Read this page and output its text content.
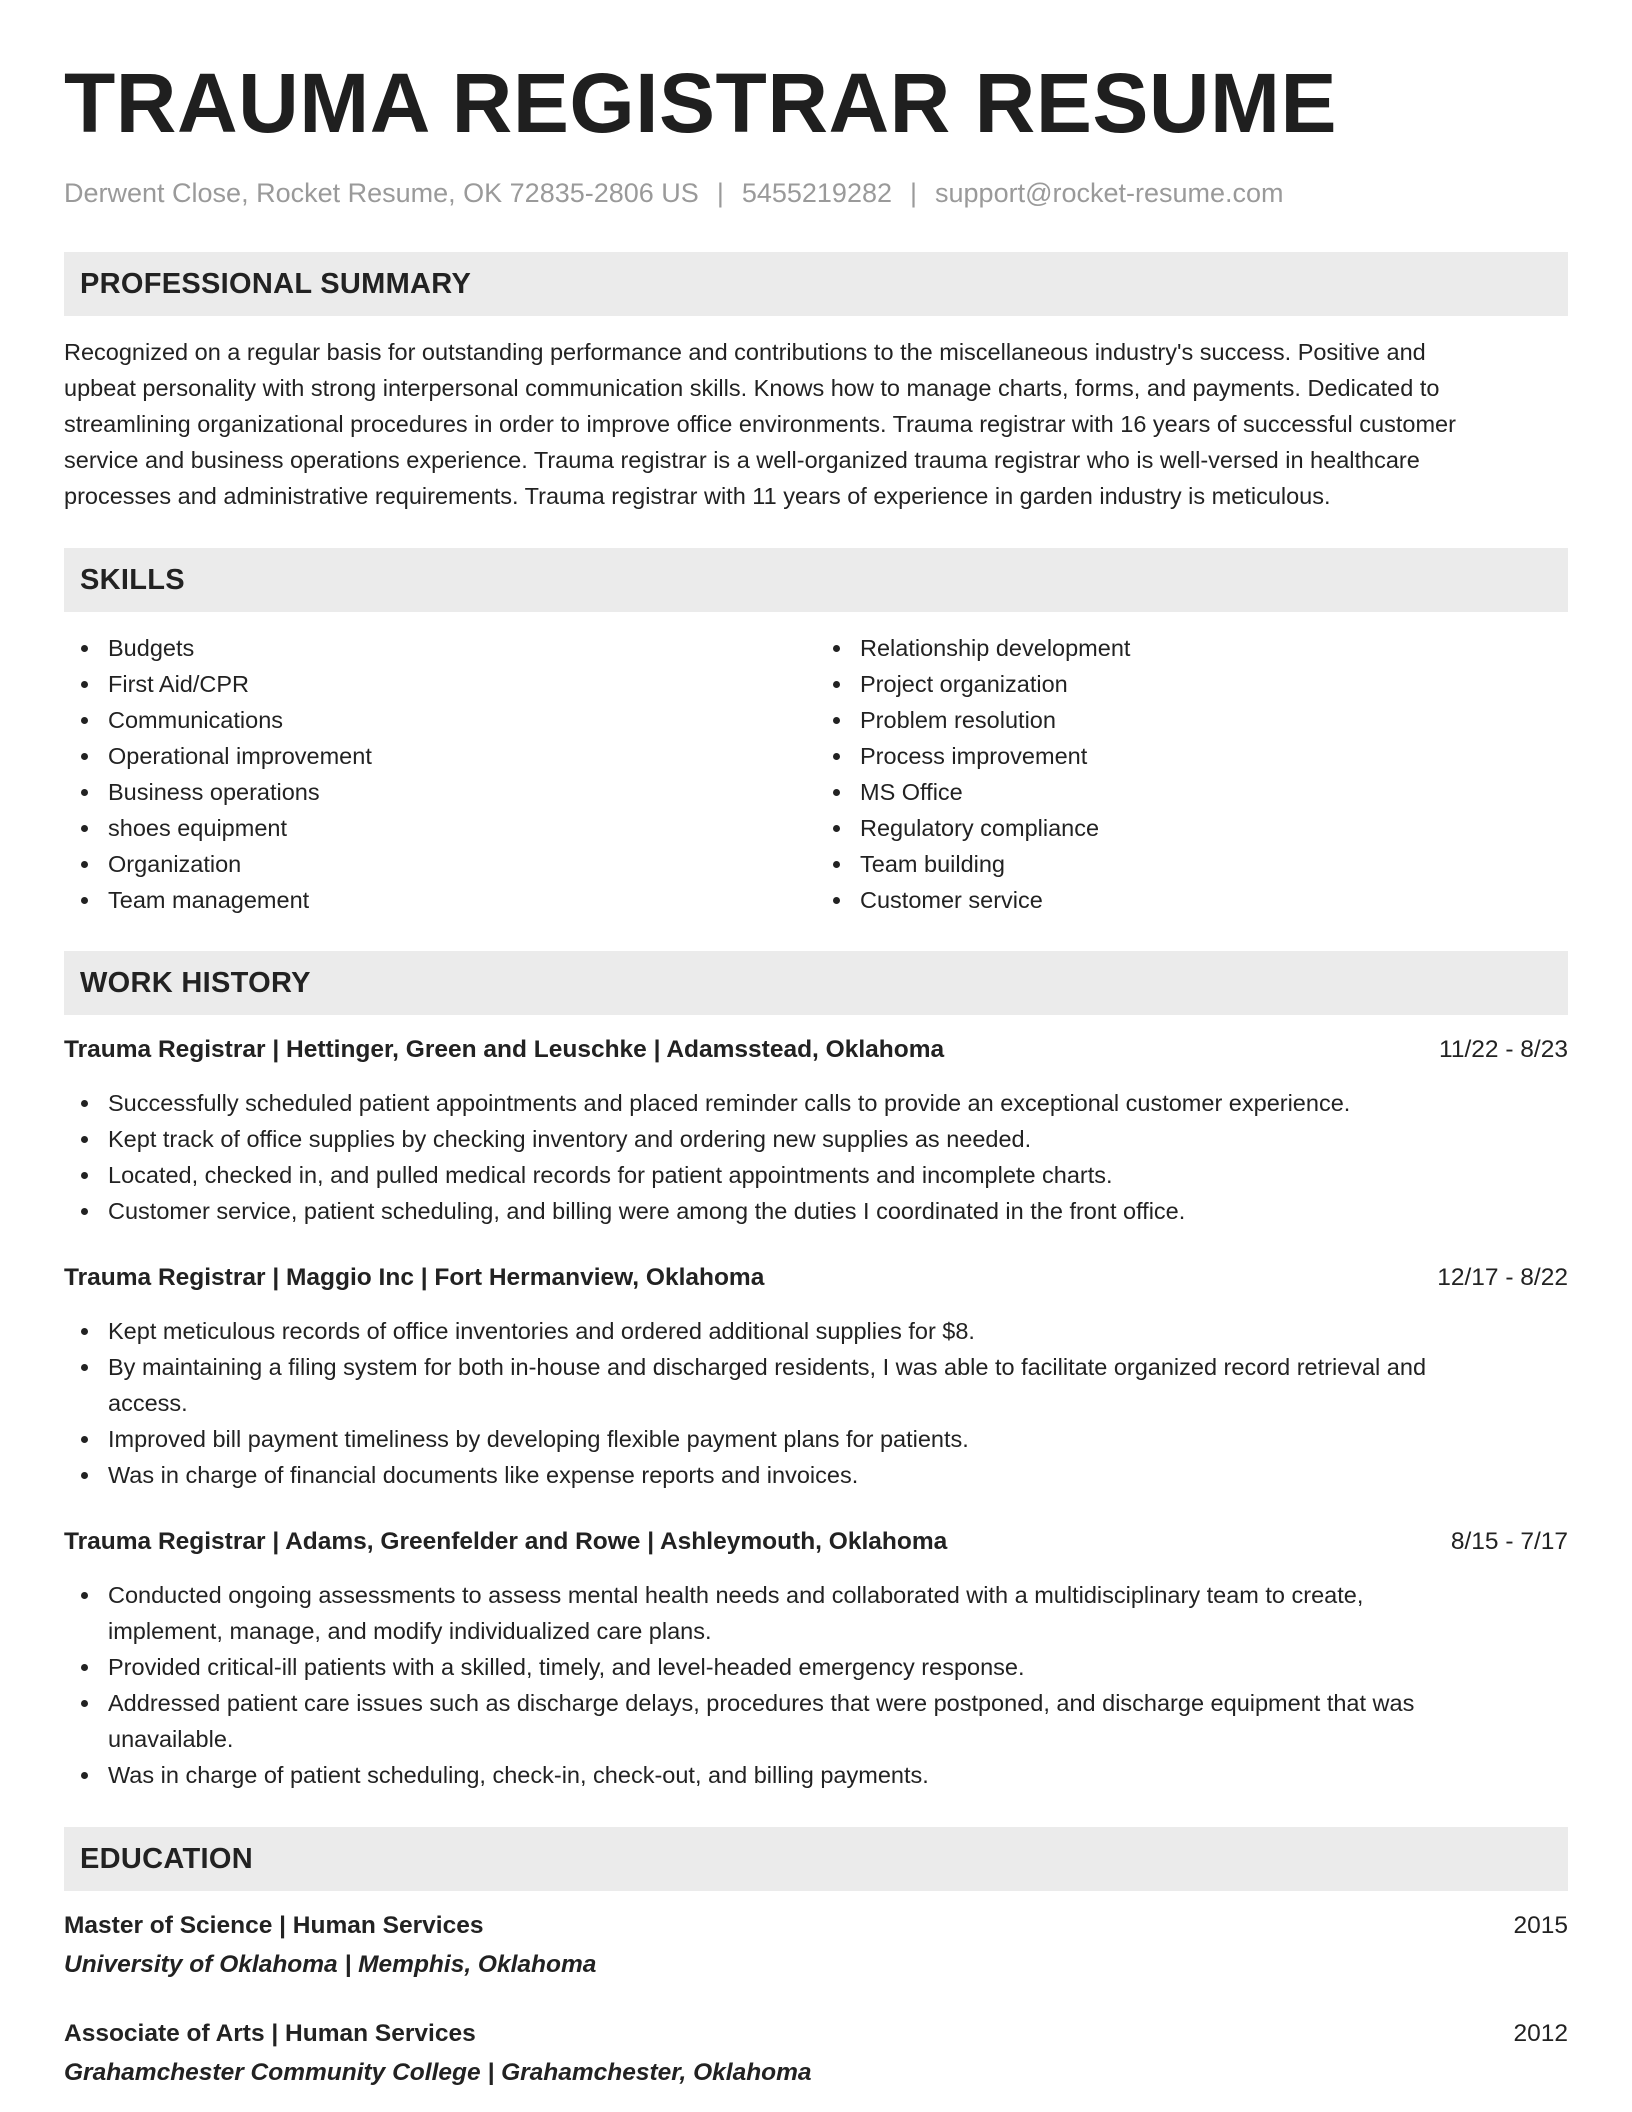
TRAUMA REGISTRAR RESUME
Derwent Close, Rocket Resume, OK 72835-2806 US | 5455219282 | support@rocket-resume.com
PROFESSIONAL SUMMARY
Recognized on a regular basis for outstanding performance and contributions to the miscellaneous industry's success. Positive and
upbeat personality with strong interpersonal communication skills. Knows how to manage charts, forms, and payments. Dedicated to
streamlining organizational procedures in order to improve office environments. Trauma registrar with 16 years of successful customer
service and business operations experience. Trauma registrar is a well-organized trauma registrar who is well-versed in healthcare
processes and administrative requirements. Trauma registrar with 11 years of experience in garden industry is meticulous.
SKILLS
Budgets
First Aid/CPR
Communications
Operational improvement
Business operations
shoes equipment
Organization
Team management
Relationship development
Project organization
Problem resolution
Process improvement
MS Office
Regulatory compliance
Team building
Customer service
WORK HISTORY
Trauma Registrar | Hettinger, Green and Leuschke | Adamsstead, Oklahoma	11/22 - 8/23
Successfully scheduled patient appointments and placed reminder calls to provide an exceptional customer experience.
Kept track of office supplies by checking inventory and ordering new supplies as needed.
Located, checked in, and pulled medical records for patient appointments and incomplete charts.
Customer service, patient scheduling, and billing were among the duties I coordinated in the front office.
Trauma Registrar | Maggio Inc | Fort Hermanview, Oklahoma	12/17 - 8/22
Kept meticulous records of office inventories and ordered additional supplies for $8.
By maintaining a filing system for both in-house and discharged residents, I was able to facilitate organized record retrieval and
access.
Improved bill payment timeliness by developing flexible payment plans for patients.
Was in charge of financial documents like expense reports and invoices.
Trauma Registrar | Adams, Greenfelder and Rowe | Ashleymouth, Oklahoma	8/15 - 7/17
Conducted ongoing assessments to assess mental health needs and collaborated with a multidisciplinary team to create,
implement, manage, and modify individualized care plans.
Provided critical-ill patients with a skilled, timely, and level-headed emergency response.
Addressed patient care issues such as discharge delays, procedures that were postponed, and discharge equipment that was
unavailable.
Was in charge of patient scheduling, check-in, check-out, and billing payments.
EDUCATION
Master of Science | Human Services	2015
University of Oklahoma | Memphis, Oklahoma
Associate of Arts | Human Services	2012
Grahamchester Community College | Grahamchester, Oklahoma
